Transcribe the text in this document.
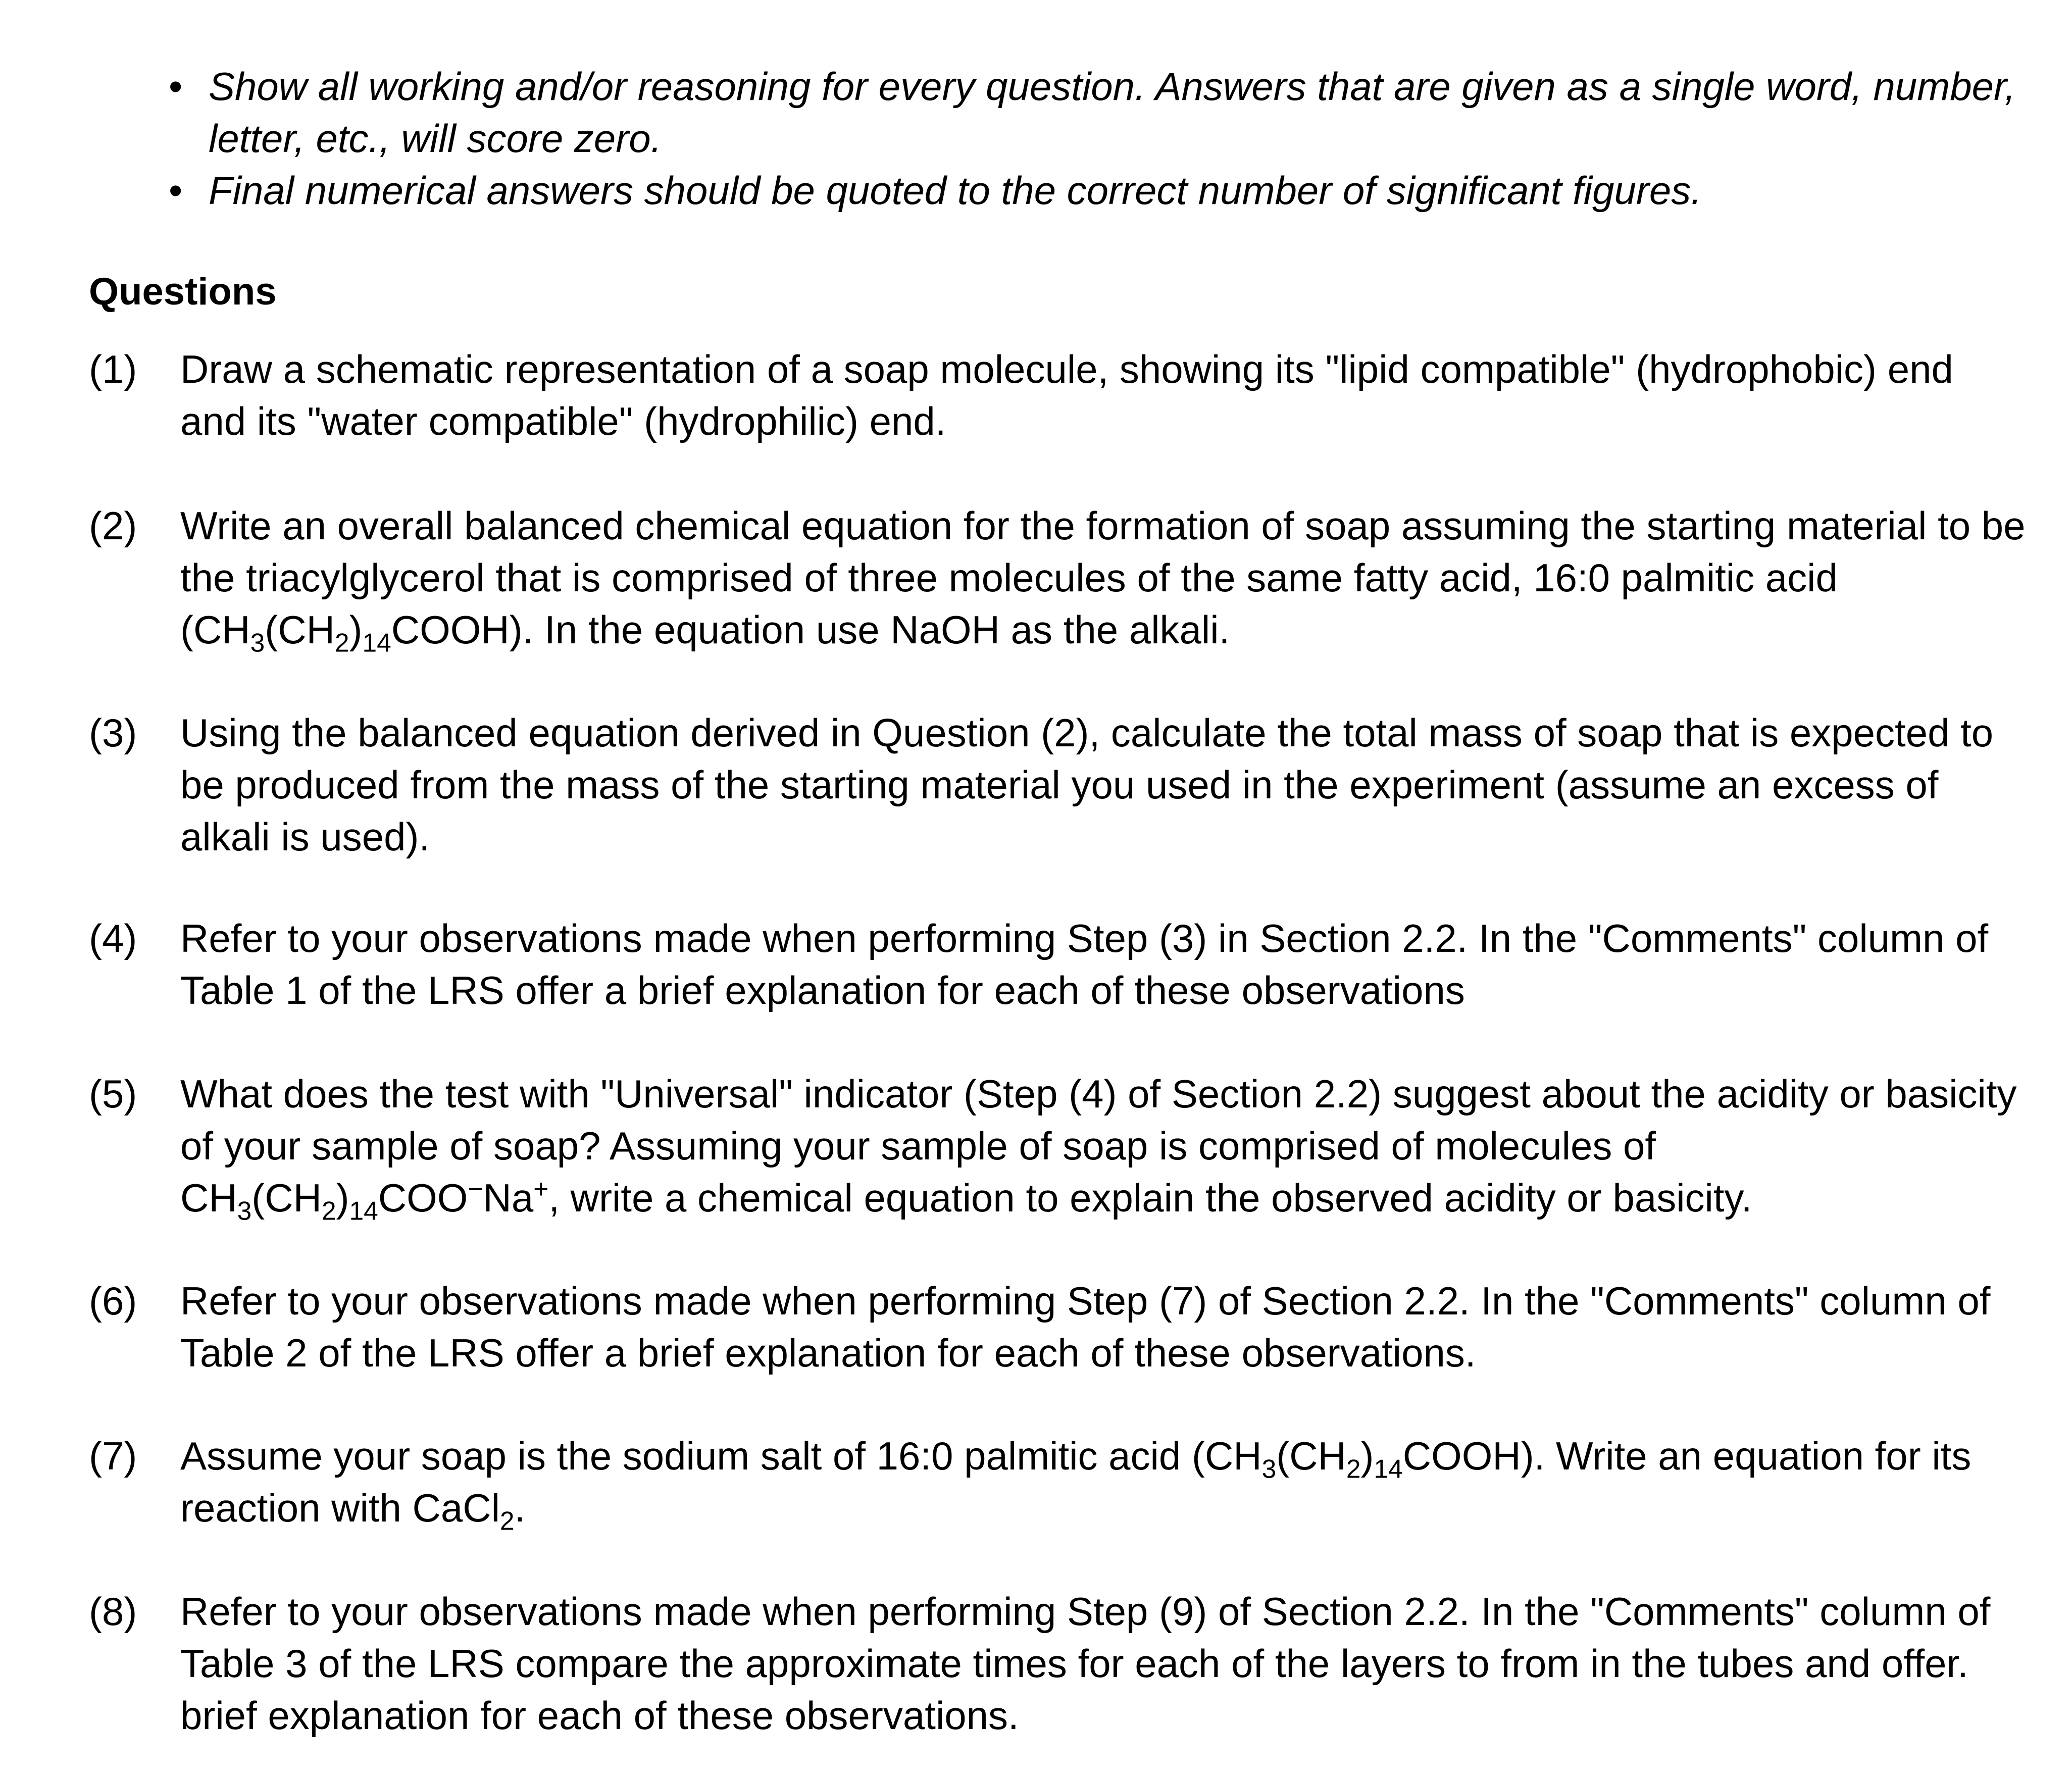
• Show all working and/or reasoning for every question. Answers that are given as a single word, number, letter, etc., will score zero.
• Final numerical answers should be quoted to the correct number of significant figures.
Questions
(1) Draw a schematic representation of a soap molecule, showing its "lipid compatible" (hydrophobic) end and its "water compatible" (hydrophilic) end.
(2) Write an overall balanced chemical equation for the formation of soap assuming the starting material to be the triacylglycerol that is comprised of three molecules of the same fatty acid, 16:0 palmitic acid $(CH_3(CH_2)_{14}COOH)$. In the equation use NaOH as the alkali.
(3) Using the balanced equation derived in Question (2), calculate the total mass of soap that is expected to be produced from the mass of the starting material you used in the experiment (assume an excess of alkali is used).
(4) Refer to your observations made when performing Step (3) in Section 2.2. In the "Comments" column of Table 1 of the LRS offer a brief explanation for each of these observations
(5) What does the test with "Universal" indicator (Step (4) of Section 2.2) suggest about the acidity or basicity of your sample of soap? Assuming your sample of soap is comprised of molecules of $CH_3(CH_2)_{14}COO^-Na^+$, write a chemical equation to explain the observed acidity or basicity.
(6) Refer to your observations made when performing Step (7) of Section 2.2. In the "Comments" column of Table 2 of the LRS offer a brief explanation for each of these observations.
(7) Assume your soap is the sodium salt of 16:0 palmitic acid $(CH_3(CH_2)_{14}COOH)$. Write an equation for its reaction with CaCl$_2$.
(8) Refer to your observations made when performing Step (9) of Section 2.2. In the "Comments" column of Table 3 of the LRS compare the approximate times for each of the layers to from in the tubes and offer. brief explanation for each of these observations.
